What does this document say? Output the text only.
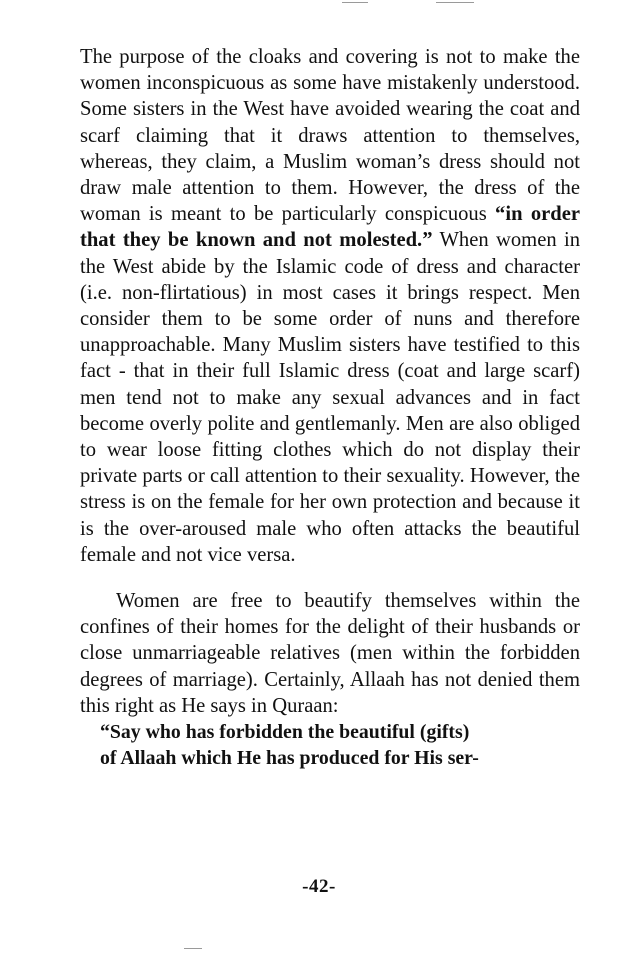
The purpose of the cloaks and covering is not to make the women inconspicuous as some have mistakenly understood. Some sisters in the West have avoided wearing the coat and scarf claiming that it draws attention to themselves, whereas, they claim, a Muslim woman’s dress should not draw male attention to them. However, the dress of the woman is meant to be particularly conspicuous “in order that they be known and not molested.” When women in the West abide by the Islamic code of dress and character (i.e. non-flirtatious) in most cases it brings respect. Men consider them to be some order of nuns and therefore unapproachable. Many Muslim sisters have testified to this fact - that in their full Islamic dress (coat and large scarf) men tend not to make any sexual advances and in fact become overly polite and gentlemanly. Men are also obliged to wear loose fitting clothes which do not display their private parts or call attention to their sexuality. However, the stress is on the female for her own protection and because it is the over-aroused male who often attacks the beautiful female and not vice versa.

Women are free to beautify themselves within the confines of their homes for the delight of their husbands or close unmarriageable relatives (men within the forbidden degrees of marriage). Certainly, Allaah has not denied them this right as He says in Quraan:

“Say who has forbidden the beautiful (gifts)
of Allaah which He has produced for His ser-
-42-
